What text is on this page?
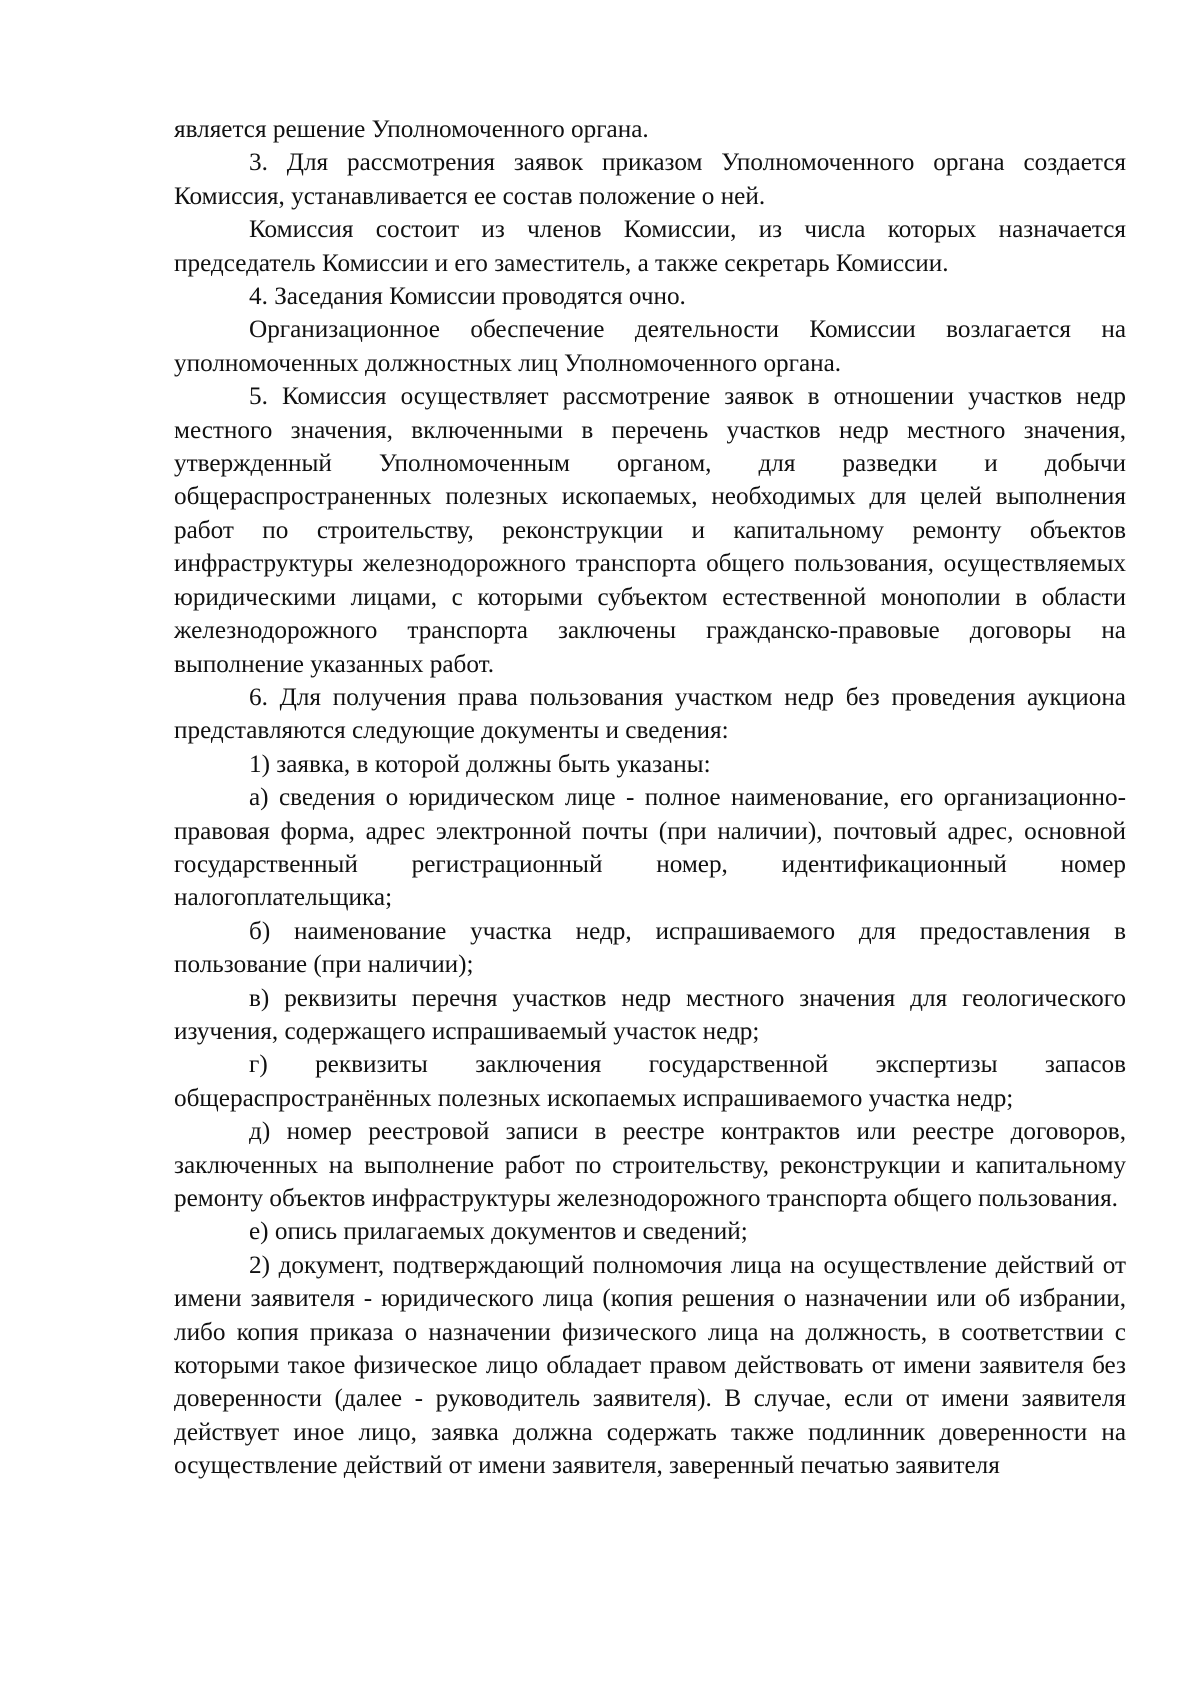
является решение Уполномоченного органа.

3. Для рассмотрения заявок приказом Уполномоченного органа создается Комиссия, устанавливается ее состав положение о ней.

Комиссия состоит из членов Комиссии, из числа которых назначается председатель Комиссии и его заместитель, а также секретарь Комиссии.

4. Заседания Комиссии проводятся очно.

Организационное обеспечение деятельности Комиссии возлагается на уполномоченных должностных лиц Уполномоченного органа.

5. Комиссия осуществляет рассмотрение заявок в отношении участков недр местного значения, включенными в перечень участков недр местного значения, утвержденный Уполномоченным органом, для разведки и добычи общераспространенных полезных ископаемых, необходимых для целей выполнения работ по строительству, реконструкции и капитальному ремонту объектов инфраструктуры железнодорожного транспорта общего пользования, осуществляемых юридическими лицами, с которыми субъектом естественной монополии в области железнодорожного транспорта заключены гражданско-правовые договоры на выполнение указанных работ.

6. Для получения права пользования участком недр без проведения аукциона представляются следующие документы и сведения:

1) заявка, в которой должны быть указаны:

а) сведения о юридическом лице - полное наименование, его организационно-правовая форма, адрес электронной почты (при наличии), почтовый адрес, основной государственный регистрационный номер, идентификационный номер налогоплательщика;

б) наименование участка недр, испрашиваемого для предоставления в пользование (при наличии);

в) реквизиты перечня участков недр местного значения для геологического изучения, содержащего испрашиваемый участок недр;

г) реквизиты заключения государственной экспертизы запасов общераспространённых полезных ископаемых испрашиваемого участка недр;

д) номер реестровой записи в реестре контрактов или реестре договоров, заключенных на выполнение работ по строительству, реконструкции и капитальному ремонту объектов инфраструктуры железнодорожного транспорта общего пользования.

е) опись прилагаемых документов и сведений;

2) документ, подтверждающий полномочия лица на осуществление действий от имени заявителя - юридического лица (копия решения о назначении или об избрании, либо копия приказа о назначении физического лица на должность, в соответствии с которыми такое физическое лицо обладает правом действовать от имени заявителя без доверенности (далее - руководитель заявителя). В случае, если от имени заявителя действует иное лицо, заявка должна содержать также подлинник доверенности на осуществление действий от имени заявителя, заверенный печатью заявителя
